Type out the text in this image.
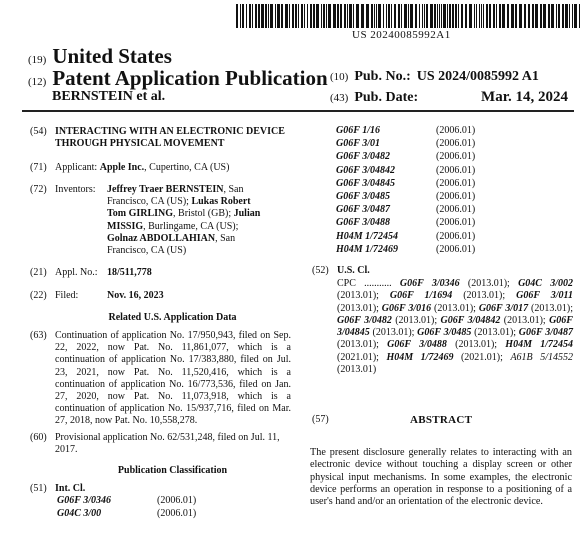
US 20240085992A1
(19) United States
(12) Patent Application Publication
BERNSTEIN et al.
(10) Pub. No.: US 2024/0085992 A1
(43) Pub. Date:	Mar. 14, 2024
(54) INTERACTING WITH AN ELECTRONIC DEVICE THROUGH PHYSICAL MOVEMENT
(71) Applicant: Apple Inc., Cupertino, CA (US)
(72) Inventors: Jeffrey Traer BERNSTEIN, San Francisco, CA (US); Lukas Robert Tom GIRLING, Bristol (GB); Julian MISSIG, Burlingame, CA (US); Golnaz ABDOLLAHIAN, San Francisco, CA (US)
(21) Appl. No.: 18/511,778
(22) Filed:	Nov. 16, 2023
Related U.S. Application Data
(63) Continuation of application No. 17/950,943, filed on Sep. 22, 2022, now Pat. No. 11,861,077, which is a continuation of application No. 17/383,880, filed on Jul. 23, 2021, now Pat. No. 11,520,416, which is a continuation of application No. 16/773,536, filed on Jan. 27, 2020, now Pat. No. 11,073,918, which is a continuation of application No. 15/937,716, filed on Mar. 27, 2018, now Pat. No. 10,558,278.
(60) Provisional application No. 62/531,248, filed on Jul. 11, 2017.
Publication Classification
(51) Int. Cl.
G06F 3/0346	(2006.01)
G04C 3/00	(2006.01)
G06F 1/16	(2006.01)
G06F 3/01	(2006.01)
G06F 3/0482	(2006.01)
G06F 3/04842	(2006.01)
G06F 3/04845	(2006.01)
G06F 3/0485	(2006.01)
G06F 3/0487	(2006.01)
G06F 3/0488	(2006.01)
H04M 1/72454	(2006.01)
H04M 1/72469	(2006.01)
(52) U.S. Cl.
CPC ........... G06F 3/0346 (2013.01); G04C 3/002 (2013.01); G06F 1/1694 (2013.01); G06F 3/011 (2013.01); G06F 3/016 (2013.01); G06F 3/017 (2013.01); G06F 3/0482 (2013.01); G06F 3/04842 (2013.01); G06F 3/04845 (2013.01); G06F 3/0485 (2013.01); G06F 3/0487 (2013.01); G06F 3/0488 (2013.01); H04M 1/72454 (2021.01); H04M 1/72469 (2021.01); A61B 5/14552 (2013.01)
(57)	ABSTRACT
The present disclosure generally relates to interacting with an electronic device without touching a display screen or other physical input mechanisms. In some examples, the electronic device performs an operation in response to a positioning of a user's hand and/or an orientation of the electronic device.
